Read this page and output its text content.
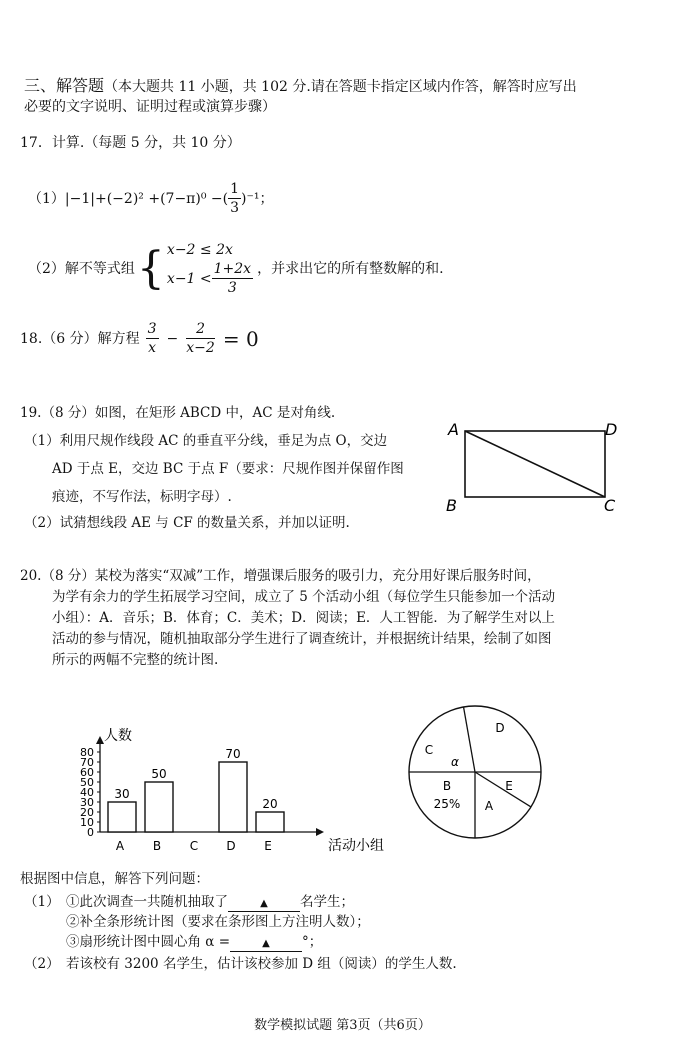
三、解答题（本大题共 11 小题，共 102 分.请在答题卡指定区域内作答，解答时应写出
必要的文字说明、证明过程或演算步骤）
17．计算.（每题 5 分，共 10 分）
（1） |−1|+(−2)² +(7−π)⁰ −( $\frac{1}{3} )^{-1}$；
（2）解不等式组 { x−2 ≤ 2x
$x-1 < \frac{1+2x}{3}$ ，并求出它的所有整数解的和.
18.（6 分）解方程 $\frac{3}{x} - \frac{2}{x-2} = 0$
19.（8 分）如图，在矩形 ABCD 中，AC 是对角线.
（1）利用尺规作线段 AC 的垂直平分线，垂足为点 O，交边
AD 于点 E，交边 BC 于点 F（要求：尺规作图并保留作图
痕迹，不写作法，标明字母）.
（2）试猜想线段 AE 与 CF 的数量关系，并加以证明.
A	D
B	C
20.（8 分）某校为落实“双减”工作，增强课后服务的吸引力，充分用好课后服务时间，
为学有余力的学生拓展学习空间，成立了 5 个活动小组（每位学生只能参加一个活动
小组）：A．音乐；B．体育；C．美术；D．阅读；E．人工智能．为了解学生对以上
活动的参与情况，随机抽取部分学生进行了调查统计，并根据统计结果，绘制了如图
所示的两幅不完整的统计图.
人数
活动小组
0
10
20
30
40
50
60
70
80
A
30
B
50
C D
70
E
20
D
E
A
B
25%
C
α
根据图中信息，解答下列问题：
（1） ①此次调查一共随机抽取了	▲ 名学生；
②补全条形统计图（要求在条形图上方注明人数）；
③扇形统计图中圆心角 α =	▲ °；
（2） 若该校有 3200 名学生，估计该校参加 D 组（阅读）的学生人数.
数学模拟试题 第3页（共6页）
